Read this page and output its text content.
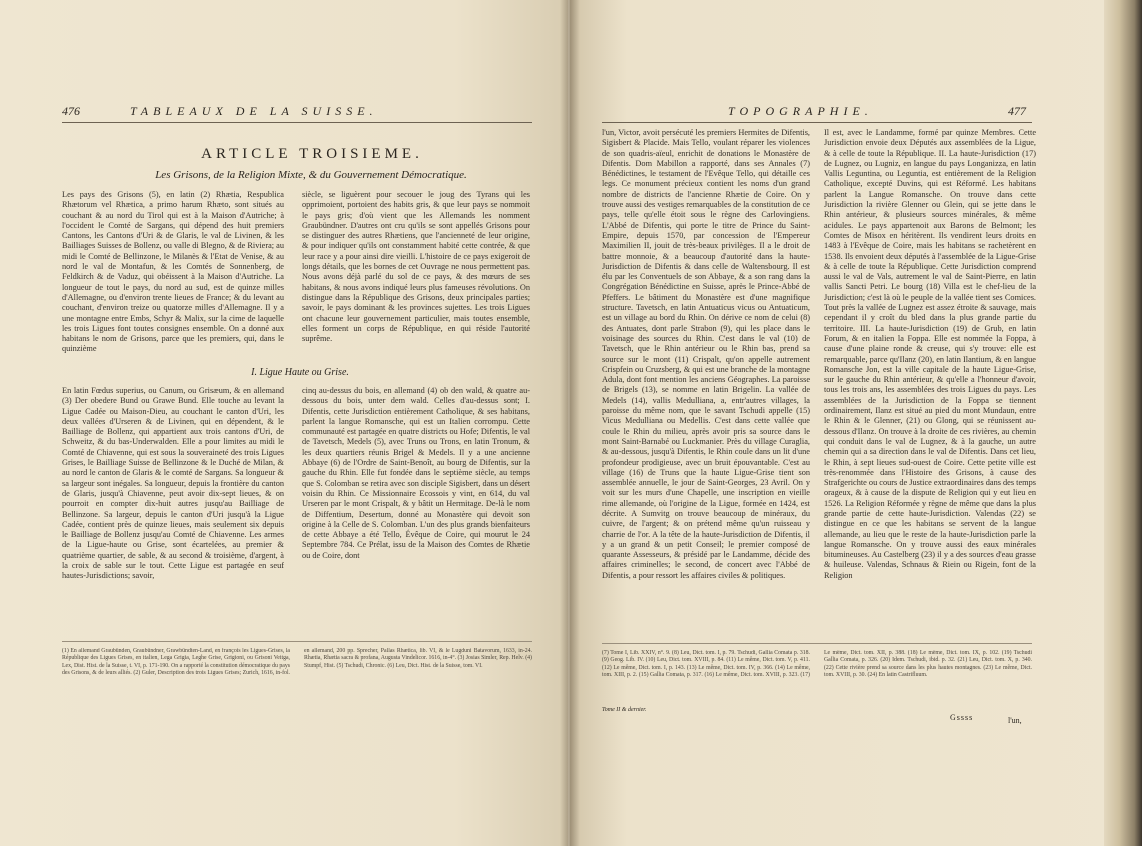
476	TABLEAUX DE LA SUISSE.
ARTICLE TROISIEME.
Les Grisons, de la Religion Mixte, & du Gouvernement Démocratique.
Les pays des Grisons (5), en latin (2) Rhætia, Respublica Rhætorum vel Rhætica, a primo harum Rhæto, sont situés au couchant & au nord du Tirol qui est à la Maison d'Autriche; à l'occident le Comté de Sargans, qui dépend des huit premiers Cantons, les Cantons d'Uri & de Glaris, le val de Livinen, & les Bailliages Suisses de Bollenz, ou valle di Blegno, & de Riviera; au midi le Comté de Bellinzone, le Milanès & l'Etat de Venise, & au nord le val de Montafun, & les Comtés de Sonnenberg, de Feldkirch & de Vaduz, qui obéissent à la Maison d'Autriche. La longueur de tout le pays, du nord au sud, est de quinze milles d'Allemagne, ou d'environ trente lieues de France; & du levant au couchant, d'environ treize ou quatorze milles d'Allemagne. Il y a une montagne entre Embs, Schyr & Malix, sur la cime de laquelle les trois Ligues font toutes consignes ensemble. On a donné aux habitans le nom de Grisons, parce que les premiers, qui, dans le quinzième
siècle, se liguèrent pour secouer le joug des Tyrans qui les opprimoient, portoient des habits gris, & que leur pays se nommoit le pays gris; d'où vient que les Allemands les nomment Graubündner. D'autres ont cru qu'ils se sont appellés Grisons pour se distinguer des autres Rhætiens, que l'ancienneté de leur origine, & pour indiquer qu'ils ont constamment habité cette contrée, & que leur race y a pour ainsi dire vieilli. L'histoire de ce pays exigeroit de longs détails, que les bornes de cet Ouvrage ne nous permettent pas. Nous avons déjà parlé du sol de ce pays, & des mœurs de ses habitans, & nous avons indiqué leurs plus fameuses révolutions. On distingue dans la République des Grisons, deux principales parties; savoir, le pays dominant & les provinces sujettes. Les trois Ligues ont chacune leur gouvernement particulier, mais toutes ensemble, elles forment un corps de République, en qui réside l'autorité suprême.
I. Ligue Haute ou Grise.
En latin Fœdus superius, ou Canum, ou Grisæum, & en allemand (3) Der obedere Bund ou Grawe Bund. Elle touche au levant la Ligue Cadée ou Maison-Dieu, au couchant le canton d'Uri, les deux vallées d'Urseren & de Livinen, qui en dépendent, & le Bailliage de Bollenz, qui appartient aux trois cantons d'Uri, de Schweitz, & du bas-Underwalden. Elle a pour limites au midi le Comté de Chiavenne, qui est sous la souveraineté des trois Ligues Grises, le Bailliage Suisse de Bellinzone & le Duché de Milan, & au nord le canton de Glaris & le comté de Sargans. Sa longueur & sa largeur sont inégales. Sa longueur, depuis la frontière du canton de Glaris, jusqu'à Chiavenne, peut avoir dix-sept lieues, & on pourroit en compter dix-huit autres jusqu'au Bailliage de Bellinzone. Sa largeur, depuis le canton d'Uri jusqu'à la Ligue Cadée, contient près de quinze lieues, mais seulement six depuis le Bailliage de Bollenz jusqu'au Comté de Chiavenne. Les armes de la Ligue-haute ou Grise, sont écartelées, au premier & quatrième quartier, de sable, & au second & troisième, d'argent, à la croix de sable sur le tout. Cette Ligue est partagée en seuf hautes-Jurisdictions; savoir,
cinq au-dessus du bois, en allemand (4) ob den wald, & quatre au-dessous du bois, unter dem wald. Celles d'au-dessus sont; I. Difentis, cette Jurisdiction entièrement Catholique, & ses habitans, parlent la langue Romansche, qui est un Italien corrompu. Cette communauté est partagée en quatre districts ou Hofe; Difentis, le val de Tavetsch, Medels (5), avec Truns ou Trons, en latin Tronum, & les deux quartiers réunis Brigel & Medels. Il y a une ancienne Abbaye (6) de l'Ordre de Saint-Benoît, au bourg de Difentis, sur la gauche du Rhin. Elle fut fondée dans le septième siècle, au temps que S. Colomban se retira avec son disciple Sigisbert, dans un désert voisin du Rhin. Ce Missionnaire Ecossois y vint, en 614, du val Urseren par le mont Crispalt, & y bâtit un Hermitage. De-là le nom de Diffentium, Desertum, donné au Monastère qui devoit son origine à la Celle de S. Colomban. L'un des plus grands bienfaiteurs de cette Abbaye a été Tello, Évêque de Coire, qui mourut le 24 Septembre 784. Ce Prélat, issu de la Maison des Comtes de Rhætie ou de Coire, dont
(1) En allemand Graubünden, Graubündner, Grawbündten-Land, en françois les Ligues-Grises, la République des Ligues Grises, en italien, Lega Grigia, Leghe Grise, Grigioni, ou Grisoni Veitga, Lex, Dist. Hist. de la Suisse, t. VI, p. 171-190. On a rapporté la constitution démocratique du pays des Grisons, & de leurs alliés. (2) Guler, Description des trois Ligues Grises; Zurich, 1616, in-fol. en allemand, 200 pp. Sprecher, Pallas Rhætica, lib. VI, & le Lugduni Batavorum, 1633, in-24. Rhætia, Rhætia sacra & profana, Augusta Vindelicor. 1616, in-4°. (3) Josias Simler, Rep. Helv. (4) Stumpf, Hist. (5) Tschudi, Chronic. (6) Leu, Dict. Hist. de la Suisse, tom. VI.
TOPOGRAPHIE.	477
l'un, Victor, avoit persécuté les premiers Hermites de Difentis, Sigisbert & Placide. Mais Tello, voulant réparer les violences de son quadris-aïeul, enrichit de donations le Monastère de Difentis. Dom Mabillon a rapporté, dans ses Annales (7) Bénédictines, le testament de l'Evêque Tello, qui détaille ces legs. Ce monument précieux contient les noms d'un grand nombre de districts de l'ancienne Rhætie de Coire. On y trouve aussi des vestiges remarquables de la constitution de ce pays, telle qu'elle étoit sous le règne des Carlovingiens. L'Abbé de Difentis, qui porte le titre de Prince du Saint-Empire, depuis 1570, par concession de l'Empereur Maximilien II, jouit de très-beaux privilèges. Il a le droit de battre monnoie, & a beaucoup d'autorité dans la haute-Jurisdiction de Difentis & dans celle de Waltensbourg. Il est élu par les Conventuels de son Abbaye, & a son rang dans la Congrégation Bénédictine en Suisse, après le Prince-Abbé de Pfeffers. Le bâtiment du Monastère est d'une magnifique structure. Tavetsch, en latin Antuaticus vicus ou Antuaticum, est un village au bord du Rhin. On dérive ce nom de celui (8) des Antuates, dont parle Strabon (9), qui les place dans le voisinage des sources du Rhin. C'est dans le val (10) de Tavetsch, que le Rhin antérieur ou le Rhin bas, prend sa source sur le mont (11) Crispalt, qu'on appelle autrement Crispfein ou Cruzsberg, & qui est une branche de la montagne Adula, dont font mention les anciens Géographes. La paroisse de Brigels (13), se nomme en latin Brigelin. La vallée de Medels (14), vallis Medulliana, a, entr'autres villages, la paroisse du même nom, que le savant Tschudi appelle (15) Vicus Medulliana ou Medellis. C'est dans cette vallée que coule le Rhin du milieu, après avoir pris sa source dans le mont Saint-Barnabé ou Luckmanier. Près du village Curaglia, & au-dessous, jusqu'à Difentis, le Rhin coule dans un lit d'une profondeur prodigieuse, avec un bruit épouvantable. C'est au village (16) de Truns que la haute Ligue-Grise tient son assemblée annuelle, le jour de Saint-Georges, 23 Avril. On y voit sur les murs d'une Chapelle, une inscription en vieille rime allemande, où l'origine de la Ligue, formée en 1424, est décrite. A Sumvitg on trouve beaucoup de minéraux, du cuivre, de l'argent; & on prétend même qu'un ruisseau y charrie de l'or. A la tête de la haute-Jurisdiction de Difentis, il y a un grand & un petit Conseil; le premier composé de quarante Assesseurs, & présidé par le Landamme, décide des affaires criminelles; le second, de concert avec l'Abbé de Difentis, a pour ressort les affaires civiles & politiques.
Il est, avec le Landamme, formé par quinze Membres. Cette Jurisdiction envoie deux Députés aux assemblées de la Ligue, & à celle de toute la République. II. La haute-Jurisdiction (17) de Lugnez, ou Lugniz, en langue du pays Longanizza, en latin Vallis Leguntina, ou Leguntia, est entièrement de la Religion Catholique, excepté Duvins, qui est Réformé. Les habitans parlent la Langue Romansche. On trouve dans cette Jurisdiction la rivière Glenner ou Glein, qui se jette dans le Rhin antérieur, & plusieurs sources minérales, & même acidules. Le pays appartenoit aux Barons de Belmont; les Comtes de Misox en héritèrent. Ils vendirent leurs droits en 1483 à l'Evêque de Coire, mais les habitans se rachetèrent en 1538. Ils envoient deux députés à l'assemblée de la Ligue-Grise & à celle de toute la République. Cette Jurisdiction comprend aussi le val de Vals, autrement le val de Saint-Pierre, en latin vallis Sancti Petri. Le bourg (18) Villa est le chef-lieu de la Jurisdiction; c'est là où le peuple de la vallée tient ses Comices. Tout près la vallée de Lugnez est assez étroite & sauvage, mais cependant il y croît du bled dans la plus grande partie du territoire. III. La haute-Jurisdiction (19) de Grub, en latin Forum, & en italien la Foppa. Elle est nommée la Foppa, à cause d'une plaine ronde & creuse, qui s'y trouve: elle est remarquable, parce qu'Ilanz (20), en latin Ilantium, & en langue Romansche Jon, est la ville capitale de la haute Ligue-Grise, sur le gauche du Rhin antérieur, & qu'elle a l'honneur d'avoir, tous les trois ans, les assemblées des trois Ligues du pays. Les assemblées de la Jurisdiction de la Foppa se tiennent ordinairement, Ilanz est situé au pied du mont Mundaun, entre le Rhin & le Glenner, (21) ou Glong, qui se réunissent au-dessous d'Ilanz. On trouve à la droite de ces rivières, au chemin qui conduit dans le val de Lugnez, & à la gauche, un autre chemin qui a sa direction dans le val de Difentis. Dans cet lieu, le Rhin, à sept lieues sud-ouest de Coire. Cette petite ville est très-renommée dans l'Histoire des Grisons, à cause des Strafgerichte ou cours de Justice extraordinaires dans des temps orageux, & à cause de la dispute de Religion qui y eut lieu en 1526. La Religion Réformée y règne de même que dans la plus grande partie de cette haute-Jurisdiction. Valendas (22) se distingue en ce que les habitans se servent de la langue allemande, au lieu que le reste de la haute-Jurisdiction parle la langue Romansche. On y trouve aussi des eaux minérales bitumineuses. Au Castelberg (23) il y a des sources d'eau grasse & huileuse. Valendas, Schnaus & Riein ou Rigein, font de la Religion
(7) Tome I, Lib. XXIV, n°. 9. (8) Leu, Dict. tom. I, p. 79. Tschudi, Gallia Comata p. 318. (9) Geog. Lib. IV. (10) Leu, Dict. tom. XVIII, p. 84. (11) Le même, Dict. tom. V, p. 411. (12) Le même, Dict. tom. I, p. 143. (13) Le même, Dict. tom. IV, p. 366. (14) Le même, tom. XIII, p. 2. (15) Gallia Comata, p. 317. (16) Le même, Dict. tom. XVIII, p. 323. (17) Le même, Dict. tom. XII, p. 388. (18) Le même, Dict. tom. IX, p. 102. (19) Tschudi Gallia Comata, p. 326. (20) Idem. Tschudi, ibid. p. 32. (21) Leu, Dict. tom. X, p. 340. (22) Cette rivière prend sa source dans les plus hautes montagnes. (23) Le même, Dict. tom. XVIII, p. 30. (24) En latin Castrifluum.
Tome II & dernier.
Gssss	l'un,
